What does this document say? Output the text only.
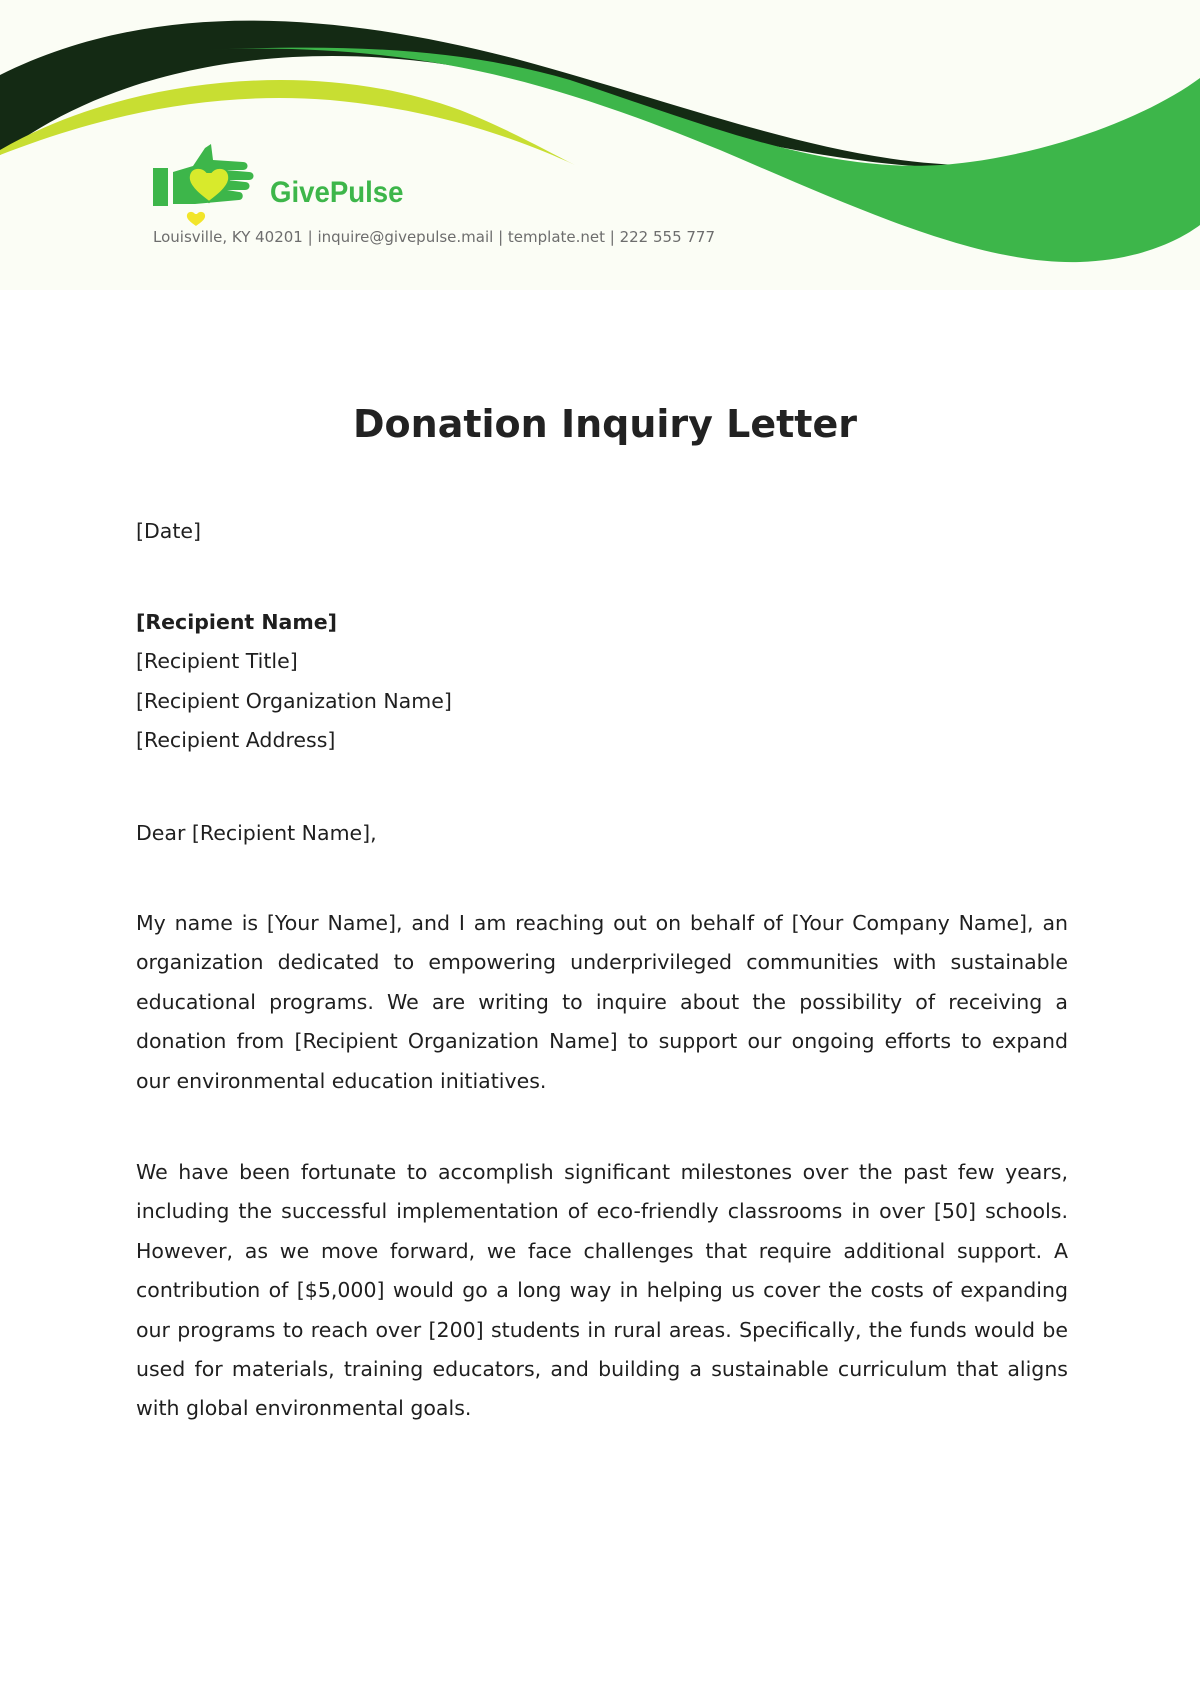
GivePulse
Louisville, KY 40201 | inquire@givepulse.mail | template.net | 222 555 777
Donation Inquiry Letter

[Date]

[Recipient Name]
[Recipient Title]
[Recipient Organization Name]
[Recipient Address]

Dear [Recipient Name],

My name is [Your Name], and I am reaching out on behalf of [Your Company Name], an organization dedicated to empowering underprivileged communities with sustainable educational programs. We are writing to inquire about the possibility of receiving a donation from [Recipient Organization Name] to support our ongoing efforts to expand our environmental education initiatives.

We have been fortunate to accomplish significant milestones over the past few years, including the successful implementation of eco-friendly classrooms in over [50] schools. However, as we move forward, we face challenges that require additional support. A contribution of [$5,000] would go a long way in helping us cover the costs of expanding our programs to reach over [200] students in rural areas. Specifically, the funds would be used for materials, training educators, and building a sustainable curriculum that aligns with global environmental goals.
